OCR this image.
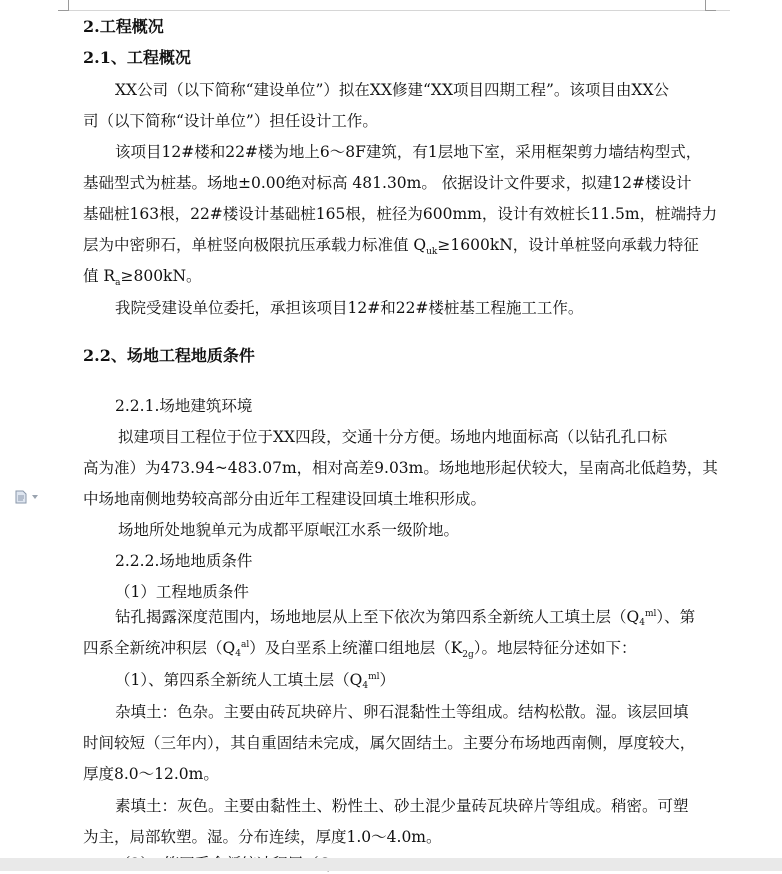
2.工程概况
2.1、工程概况
XX公司（以下简称“建设单位”）拟在XX修建“XX项目四期工程”。该项目由XX公
司（以下简称“设计单位”）担任设计工作。
该项目12#楼和22#楼为地上6～8F建筑，有1层地下室，采用框架剪力墙结构型式，
基础型式为桩基。场地±0.00绝对标高 481.30m。 依据设计文件要求，拟建12#楼设计
基础桩163根，22#楼设计基础桩165根，桩径为600mm，设计有效桩长11.5m，桩端持力
层为中密卵石，单桩竖向极限抗压承载力标准值 $Q_{uk}\ge 1600kN$，设计单桩竖向承载力特征
值 $R_a\ge 800kN$。
我院受建设单位委托，承担该项目12#和22#楼桩基工程施工工作。
2.2、场地工程地质条件
2.2.1.场地建筑环境
拟建项目工程位于位于XX四段，交通十分方便。场地内地面标高（以钻孔孔口标
高为准）为473.94~483.07m，相对高差9.03m。场地地形起伏较大，呈南高北低趋势，其
中场地南侧地势较高部分由近年工程建设回填土堆积形成。
场地所处地貌单元为成都平原岷江水系一级阶地。
2.2.2.场地地质条件
（1）工程地质条件
钻孔揭露深度范围内，场地地层从上至下依次为第四系全新统人工填土层$(Q4^{ml})$、第
四系全新统冲积层$(Q4^{al})$及白垩系上统灌口组地层$(K_{2g})$。地层特征分述如下：
（1）、第四系全新统人工填土层$(Q4^{ml})$
杂填土：色杂。主要由砖瓦块碎片、卵石混黏性土等组成。结构松散。湿。该层回填
时间较短（三年内），其自重固结未完成，属欠固结土。主要分布场地西南侧，厚度较大，
厚度8.0～12.0m。
素填土：灰色。主要由黏性土、粉性土、砂土混少量砖瓦块碎片等组成。稍密。可塑
为主，局部软塑。湿。分布连续，厚度1.0～4.0m。
